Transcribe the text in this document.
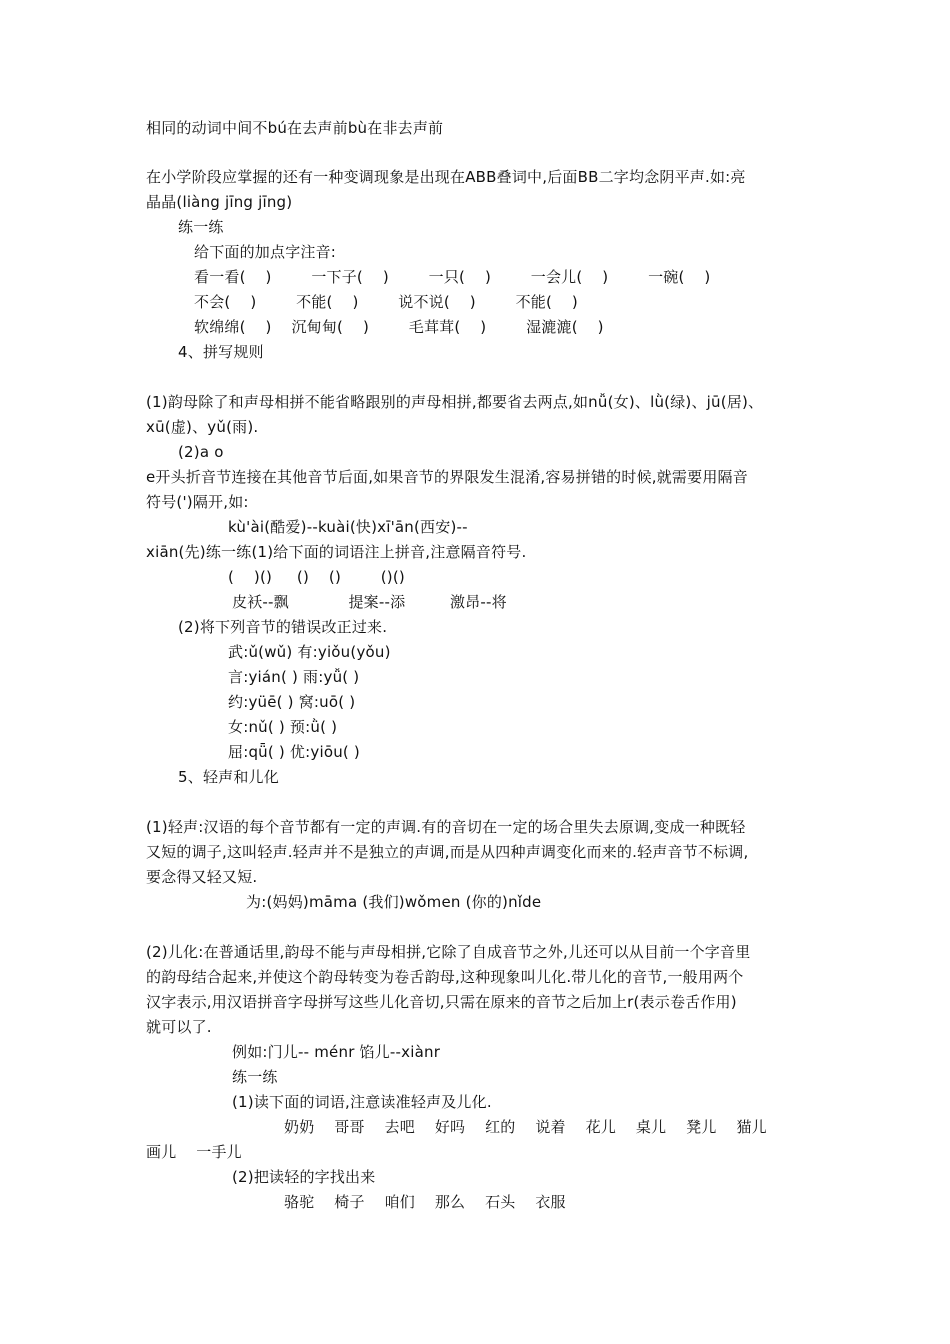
相同的动词中间不bú在去声前bù在非去声前
在小学阶段应掌握的还有一种变调现象是出现在ABB叠词中,后面BB二字均念阴平声.如:亮
晶晶(liàng jīng jīng)
练一练
给下面的加点字注音:
看一看(    )        一下子(    )        一只(    )        一会儿(    )        一碗(    )
不会(    )        不能(    )        说不说(    )        不能(    )
软绵绵(    )    沉甸甸(    )        毛茸茸(    )        湿漉漉(    )
4、拼写规则
(1)韵母除了和声母相拼不能省略跟别的声母相拼,都要省去两点,如nǚ(女)、lǜ(绿)、jū(居)、
xū(虚)、yǔ(雨).
(2)a o
e开头折音节连接在其他音节后面,如果音节的界限发生混淆,容易拼错的时候,就需要用隔音
符号(')隔开,如:
kù'ài(酷爱)--kuài(快)xī'ān(西安)--
xiān(先)练一练(1)给下面的词语注上拼音,注意隔音符号.
(    )()     ()    ()        ()()
皮袄--飘            提案--添         激昂--将
(2)将下列音节的错误改正过来.
武:ǔ(wǔ) 有:yiǒu(yǒu)
言:yián( ) 雨:yǚ( )
约:yüē( ) 窝:uō( )
女:nǔ( ) 预:ǜ( )
屈:qǖ( ) 优:yiōu( )
5、轻声和儿化
(1)轻声:汉语的每个音节都有一定的声调.有的音切在一定的场合里失去原调,变成一种既轻
又短的调子,这叫轻声.轻声并不是独立的声调,而是从四种声调变化而来的.轻声音节不标调,
要念得又轻又短.
为:(妈妈)māma (我们)wǒmen (你的)nǐde
(2)儿化:在普通话里,韵母不能与声母相拼,它除了自成音节之外,儿还可以从目前一个字音里
的韵母结合起来,并使这个韵母转变为卷舌韵母,这种现象叫儿化.带儿化的音节,一般用两个
汉字表示,用汉语拼音字母拼写这些儿化音切,只需在原来的音节之后加上r(表示卷舌作用)
就可以了.
例如:门儿-- ménr 馅儿--xiànr
练一练
(1)读下面的词语,注意读准轻声及儿化.
奶奶    哥哥    去吧    好吗    红的    说着    花儿    桌儿    凳儿    猫儿
画儿    一手儿
(2)把读轻的字找出来
骆驼    椅子    咱们    那么    石头    衣服
